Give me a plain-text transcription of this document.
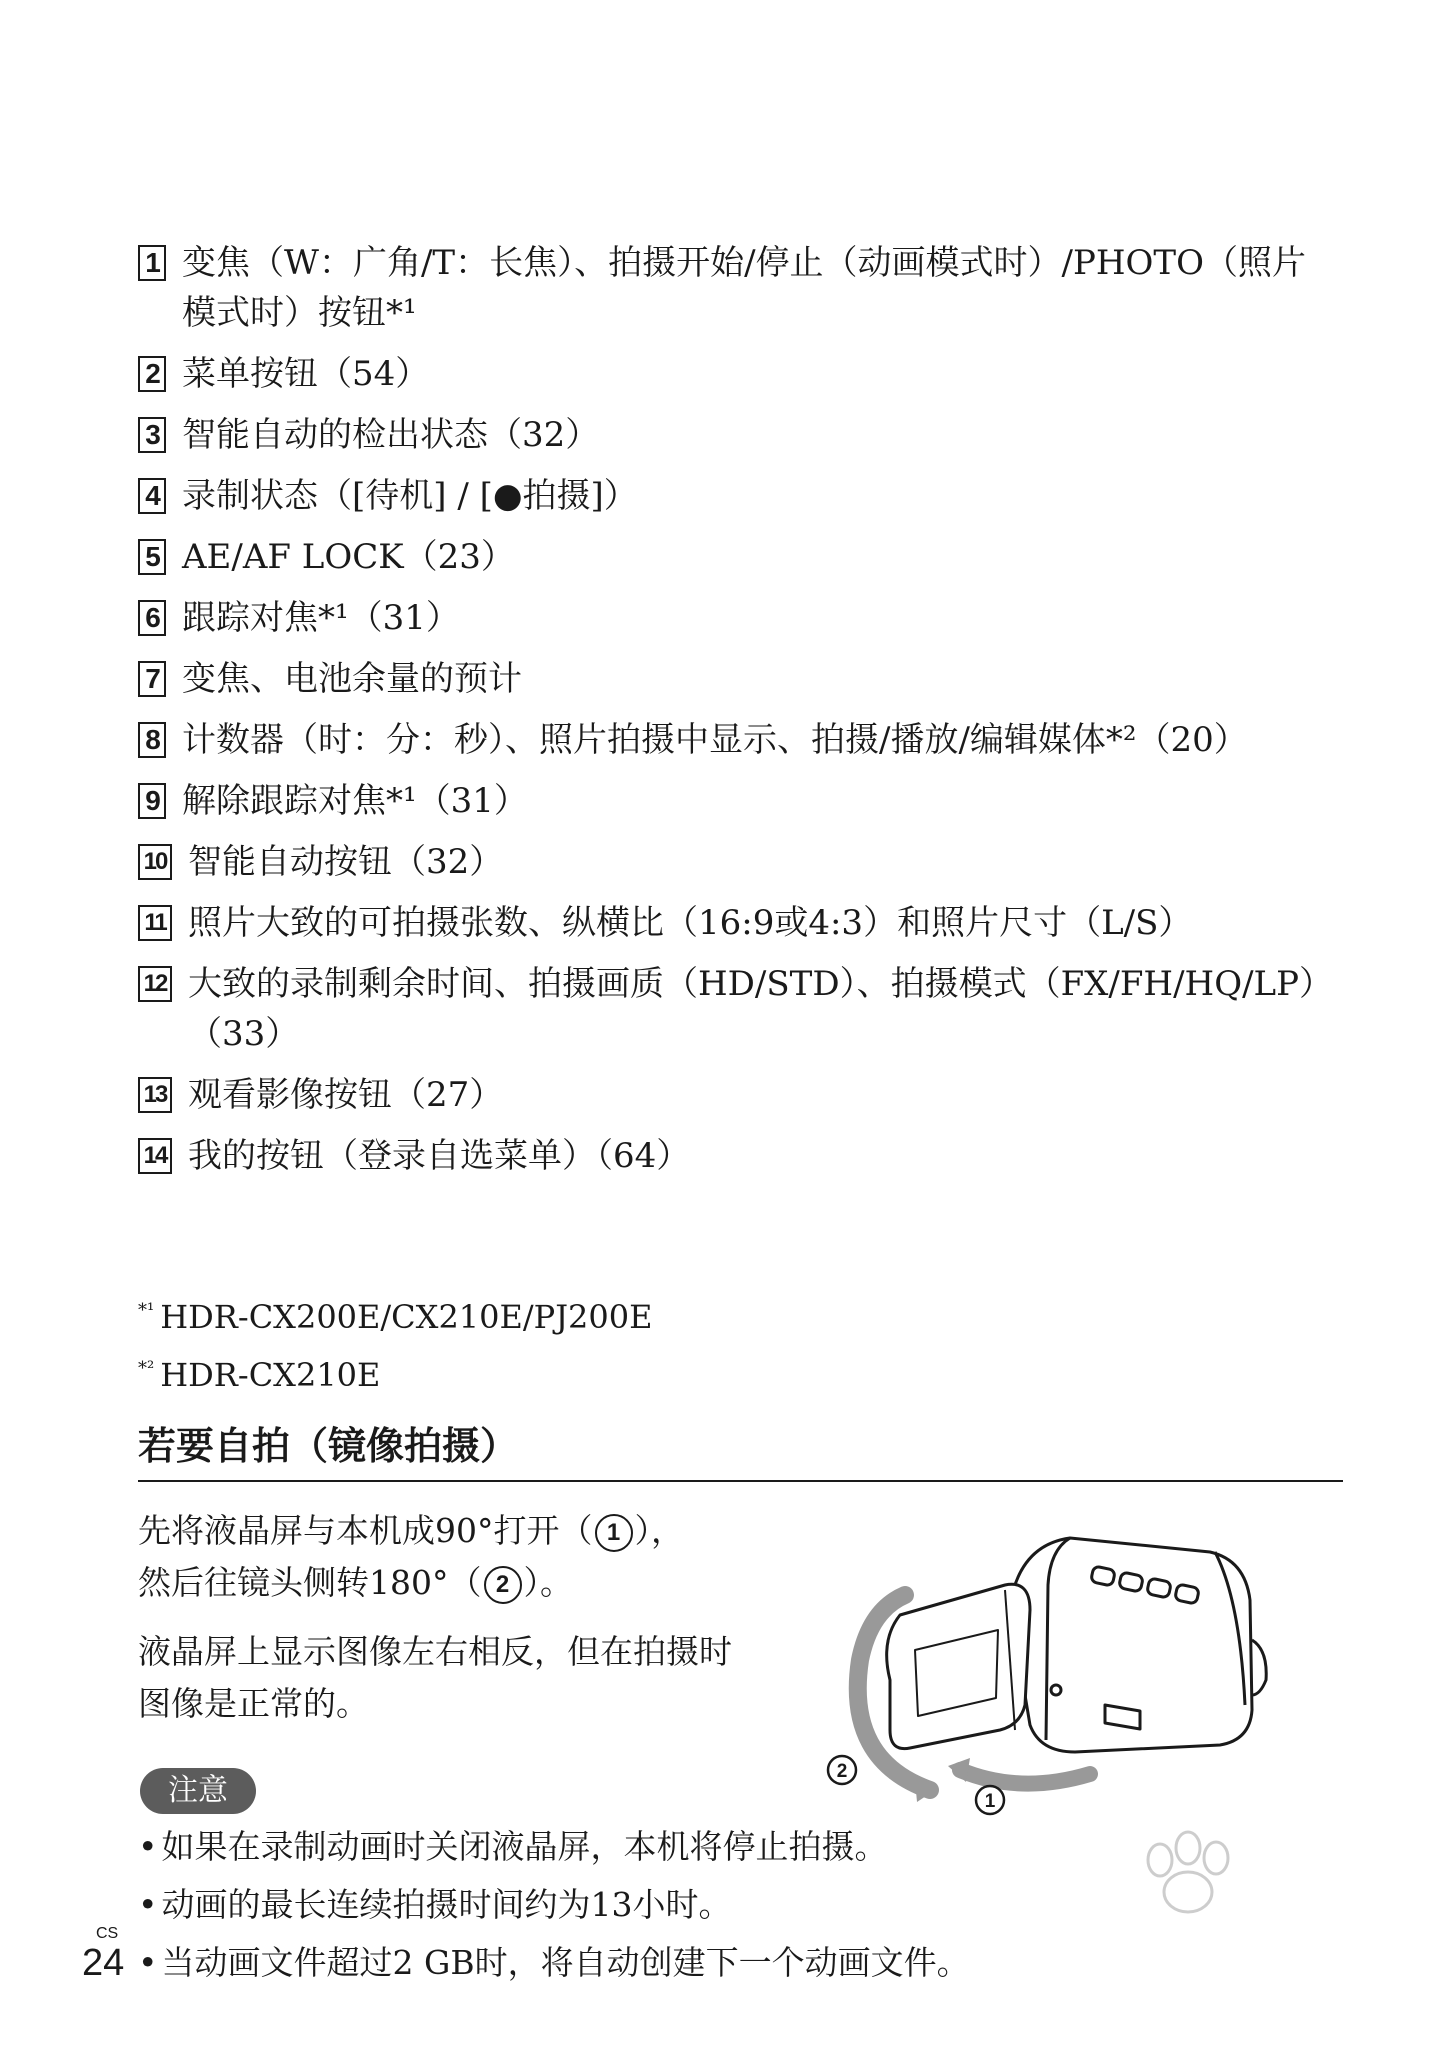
1 变焦（W：广角/T：长焦）、拍摄开始/停止（动画模式时）/PHOTO（照片模式时）按钮*¹
2 菜单按钮（54）
3 智能自动的检出状态（32）
4 录制状态（[待机] / [●拍摄]）
5 AE/AF LOCK（23）
6 跟踪对焦*¹（31）
7 变焦、电池余量的预计
8 计数器（时：分：秒）、照片拍摄中显示、拍摄/播放/编辑媒体*²（20）
9 解除跟踪对焦*¹（31）
10 智能自动按钮（32）
11 照片大致的可拍摄张数、纵横比（16:9或4:3）和照片尺寸（L/S）
12 大致的录制剩余时间、拍摄画质（HD/STD）、拍摄模式（FX/FH/HQ/LP）（33）
13 观看影像按钮（27）
14 我的按钮（登录自选菜单）（64）
$^{*^1}$ HDR-CX200E/CX210E/PJ200E
$^{*^2}$ HDR-CX210E
若要自拍（镜像拍摄）
先将液晶屏与本机成90°打开（ 1 ），
然后往镜头侧转180°（ 2 ）。
液晶屏上显示图像左右相反，但在拍摄时图像是正常的。
2
1
注意
• 如果在录制动画时关闭液晶屏，本机将停止拍摄。
• 动画的最长连续拍摄时间约为13小时。
• 当动画文件超过2 GB时，将自动创建下一个动画文件。
CS
24
